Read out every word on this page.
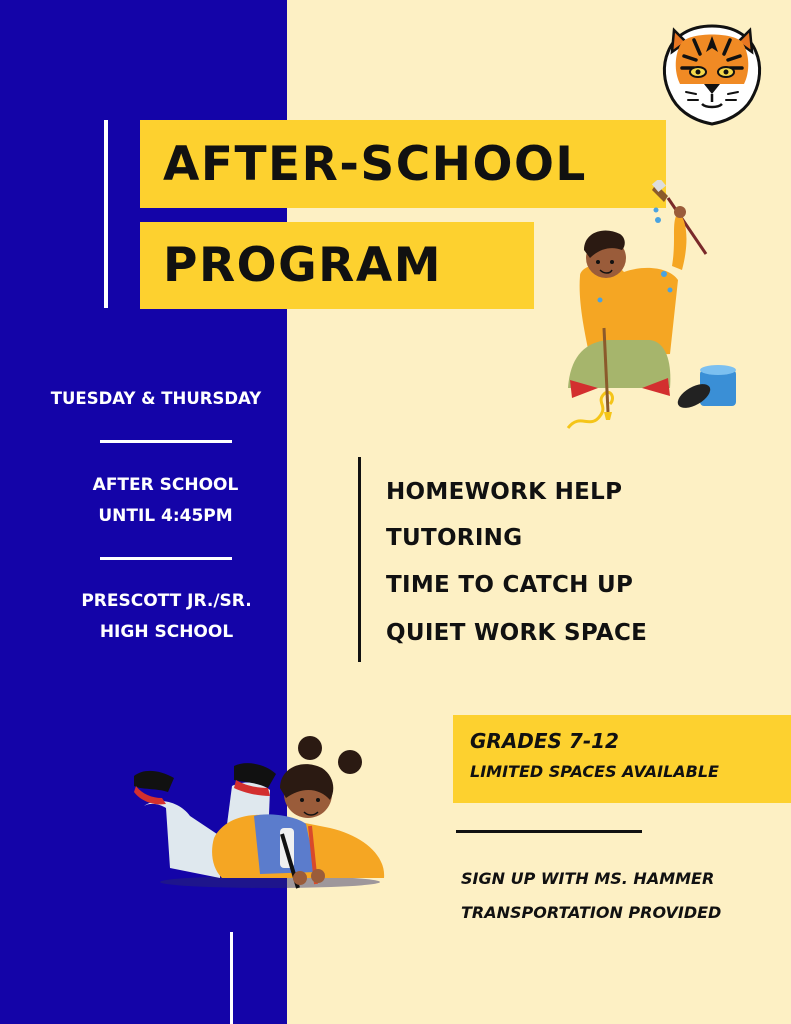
AFTER-SCHOOL
PROGRAM
TUESDAY & THURSDAY
AFTER SCHOOL
UNTIL 4:45PM
PRESCOTT JR./SR.
HIGH SCHOOL
HOMEWORK HELP
TUTORING
TIME TO CATCH UP
QUIET WORK SPACE
GRADES 7-12
LIMITED SPACES AVAILABLE
SIGN UP WITH MS. HAMMER
TRANSPORTATION PROVIDED
